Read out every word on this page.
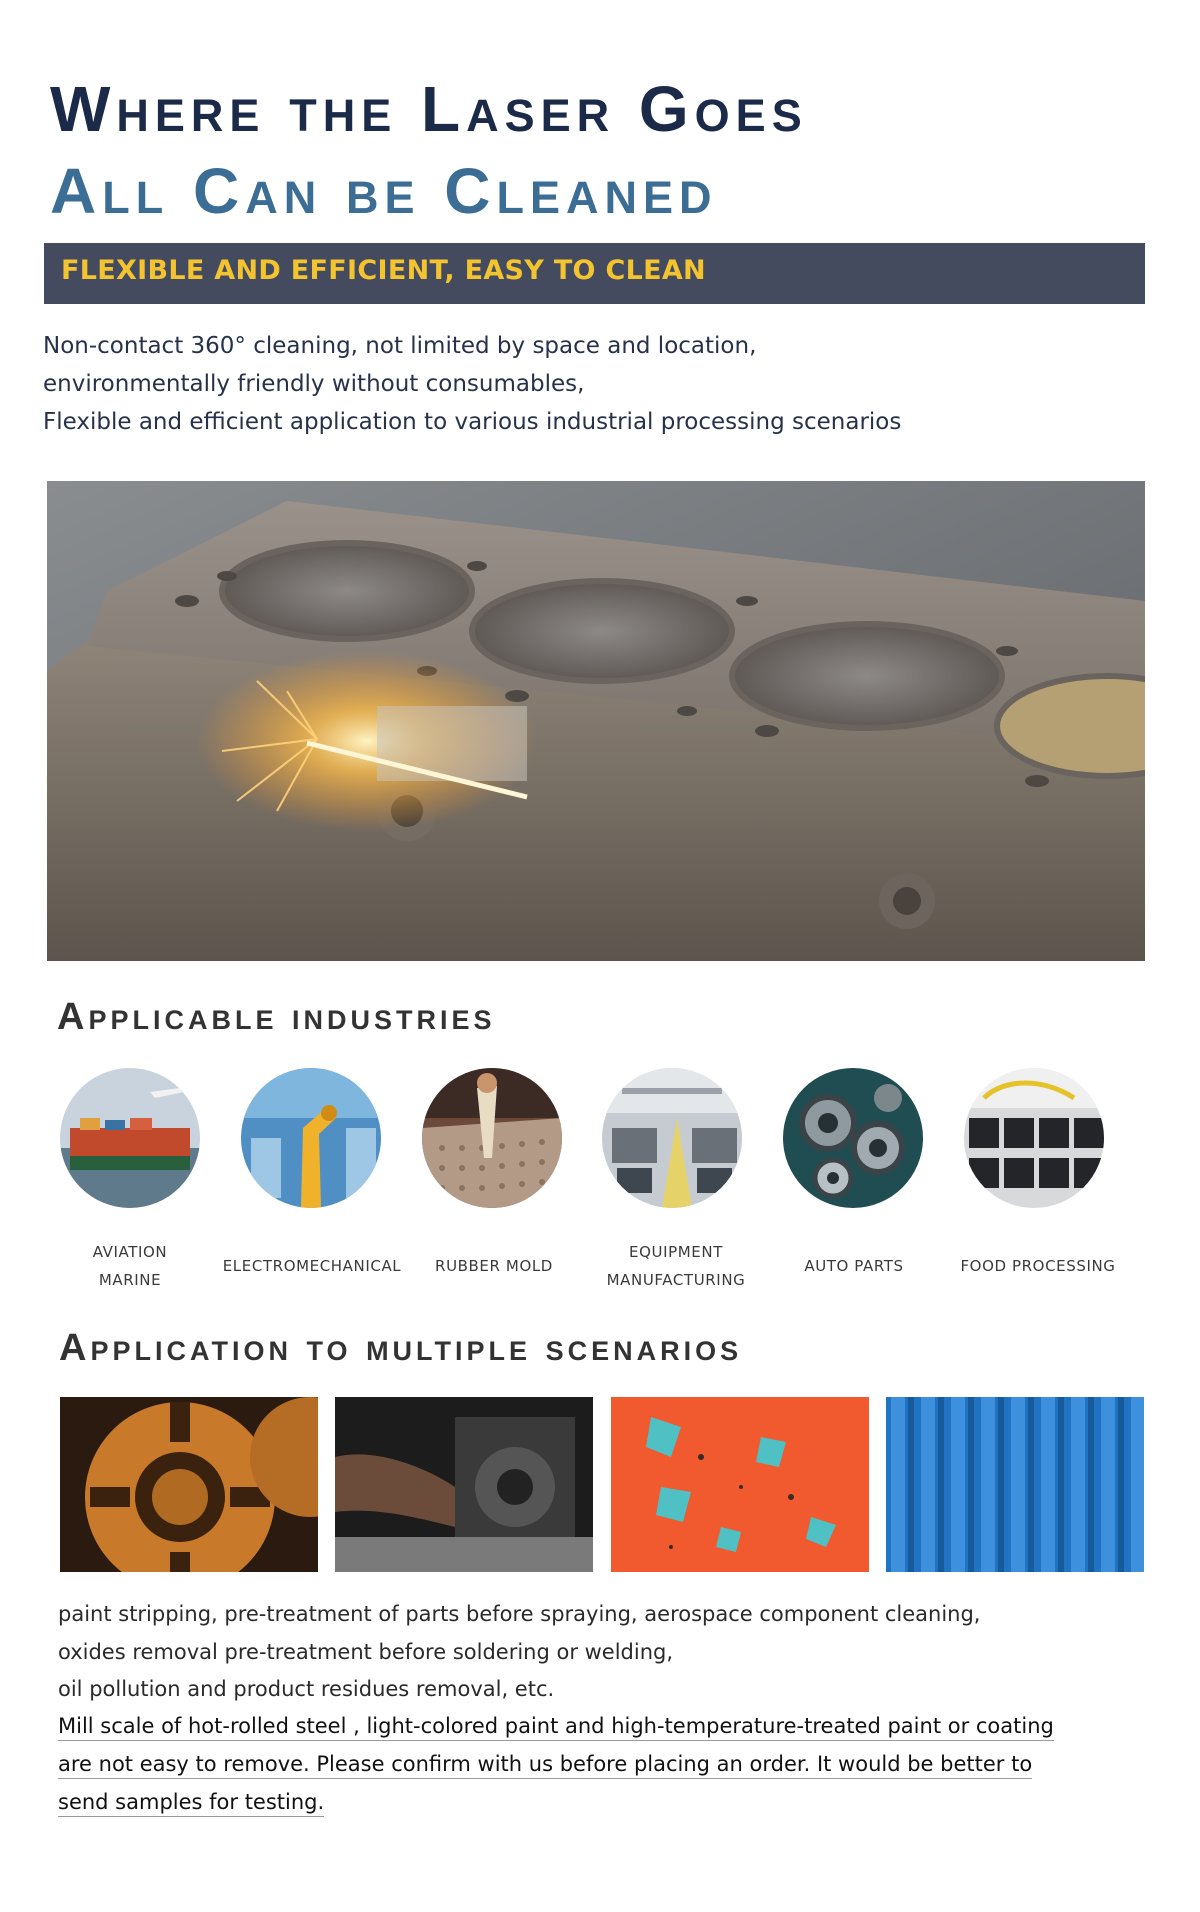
Where the Laser Goes
All Can be Cleaned
FLEXIBLE AND EFFICIENT, EASY TO CLEAN
Non-contact 360° cleaning, not limited by space and location,
environmentally friendly without consumables,
Flexible and efficient application to various industrial processing scenarios
Applicable industries
AVIATION
MARINE
ELECTROMECHANICAL	RUBBER MOLD
EQUIPMENT
MANUFACTURING
AUTO PARTS	FOOD PROCESSING
Application to multiple scenarios
paint stripping, pre-treatment of parts before spraying, aerospace component cleaning,
oxides removal pre-treatment before soldering or welding,
oil pollution and product residues removal, etc.
Mill scale of hot-rolled steel , light-colored paint and high-temperature-treated paint or coating
are not easy to remove. Please confirm with us before placing an order. It would be better to
send samples for testing.
